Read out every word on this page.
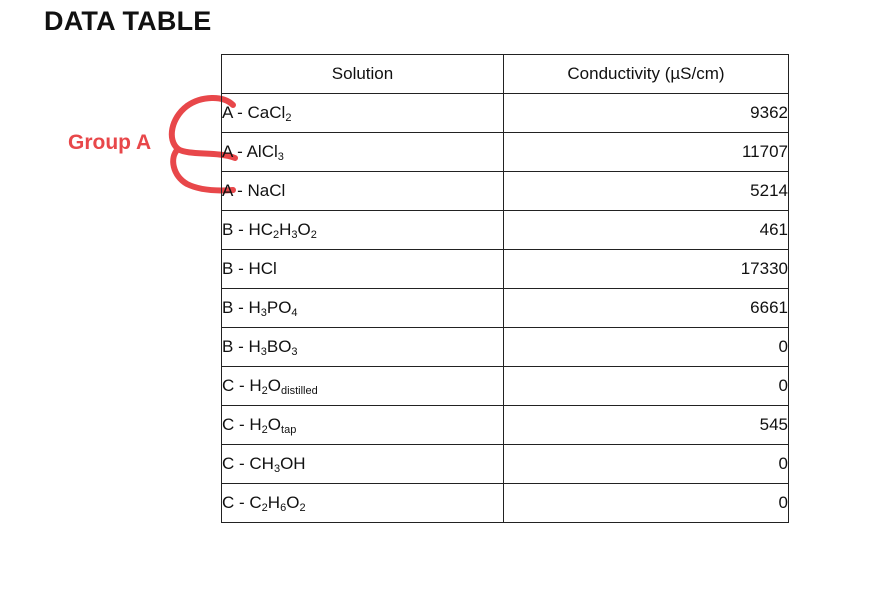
DATA TABLE
Group A
Solution	Conductivity (µS/cm)
A - CaCl$_2$	9362
A - AlCl$_3$	11707
A - NaCl	5214
B - $HC_2H_3O_2$	461
B - HCl	17330
B - $H_3PO_4$	6661
B - $H_3BO_3$	0
C - $H_2O_{distilled}$	0
C - $H_2O_{tap}$	545
C - $CH_3OH$	0
C - $C_2H_6O_2$	0
